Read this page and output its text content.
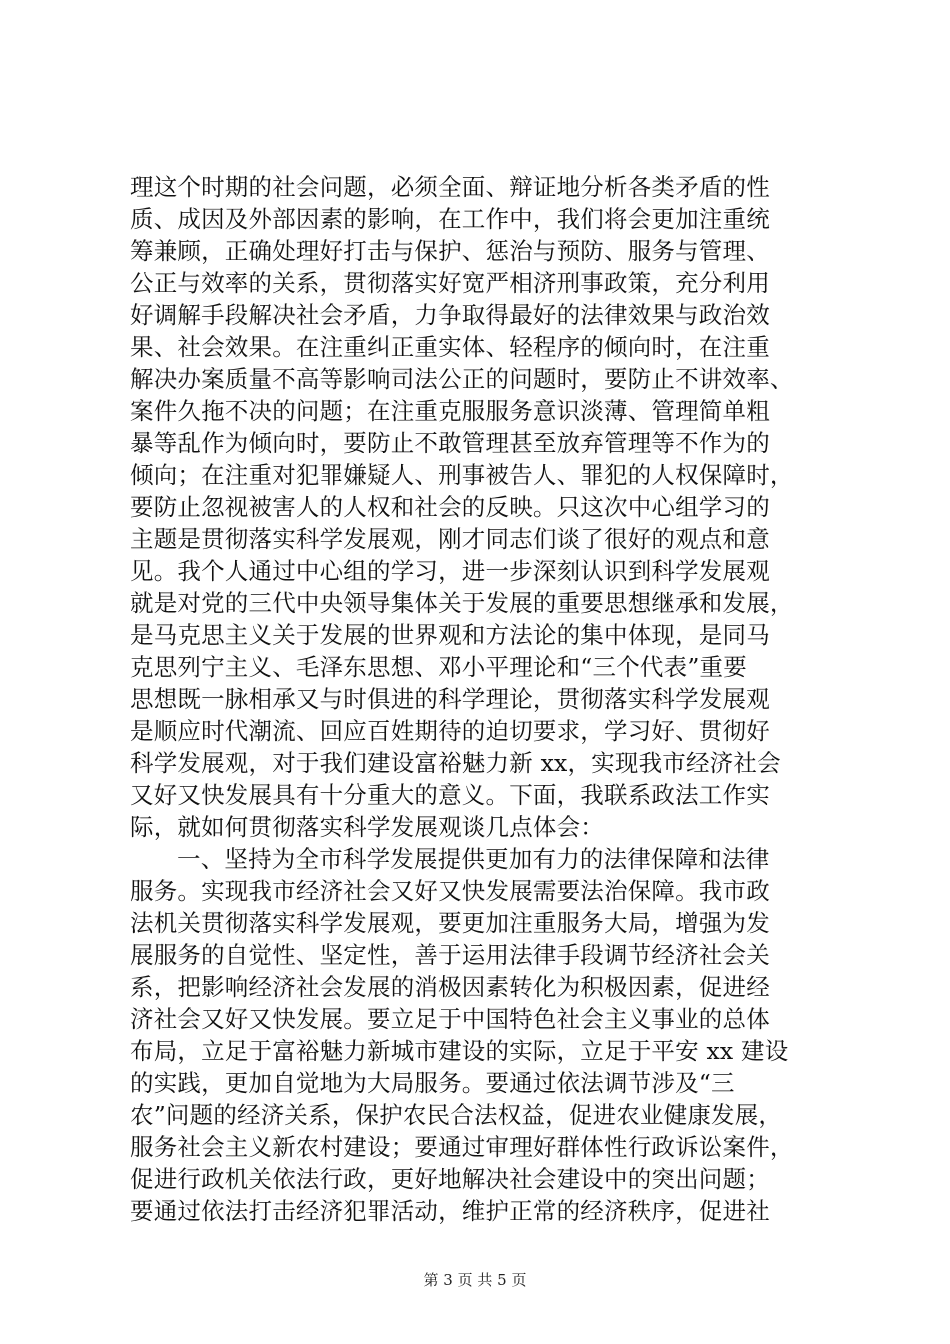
理这个时期的社会问题，必须全面、辩证地分析各类矛盾的性
质、成因及外部因素的影响，在工作中，我们将会更加注重统
筹兼顾，正确处理好打击与保护、惩治与预防、服务与管理、
公正与效率的关系，贯彻落实好宽严相济刑事政策，充分利用
好调解手段解决社会矛盾，力争取得最好的法律效果与政治效
果、社会效果。在注重纠正重实体、轻程序的倾向时，在注重
解决办案质量不高等影响司法公正的问题时，要防止不讲效率、
案件久拖不决的问题；在注重克服服务意识淡薄、管理简单粗
暴等乱作为倾向时，要防止不敢管理甚至放弃管理等不作为的
倾向；在注重对犯罪嫌疑人、刑事被告人、罪犯的人权保障时，
要防止忽视被害人的人权和社会的反映。只这次中心组学习的
主题是贯彻落实科学发展观，刚才同志们谈了很好的观点和意
见。我个人通过中心组的学习，进一步深刻认识到科学发展观
就是对党的三代中央领导集体关于发展的重要思想继承和发展，
是马克思主义关于发展的世界观和方法论的集中体现，是同马
克思列宁主义、毛泽东思想、邓小平理论和“三个代表”重要
思想既一脉相承又与时俱进的科学理论，贯彻落实科学发展观
是顺应时代潮流、回应百姓期待的迫切要求，学习好、贯彻好
科学发展观，对于我们建设富裕魅力新 xx，实现我市经济社会
又好又快发展具有十分重大的意义。下面，我联系政法工作实
际，就如何贯彻落实科学发展观谈几点体会：
一、坚持为全市科学发展提供更加有力的法律保障和法律
服务。实现我市经济社会又好又快发展需要法治保障。我市政
法机关贯彻落实科学发展观，要更加注重服务大局，增强为发
展服务的自觉性、坚定性，善于运用法律手段调节经济社会关
系，把影响经济社会发展的消极因素转化为积极因素，促进经
济社会又好又快发展。要立足于中国特色社会主义事业的总体
布局，立足于富裕魅力新城市建设的实际，立足于平安 xx 建设
的实践，更加自觉地为大局服务。要通过依法调节涉及“三
农”问题的经济关系，保护农民合法权益，促进农业健康发展，
服务社会主义新农村建设；要通过审理好群体性行政诉讼案件，
促进行政机关依法行政，更好地解决社会建设中的突出问题；
要通过依法打击经济犯罪活动，维护正常的经济秩序，促进社
第 3 页 共 5 页
